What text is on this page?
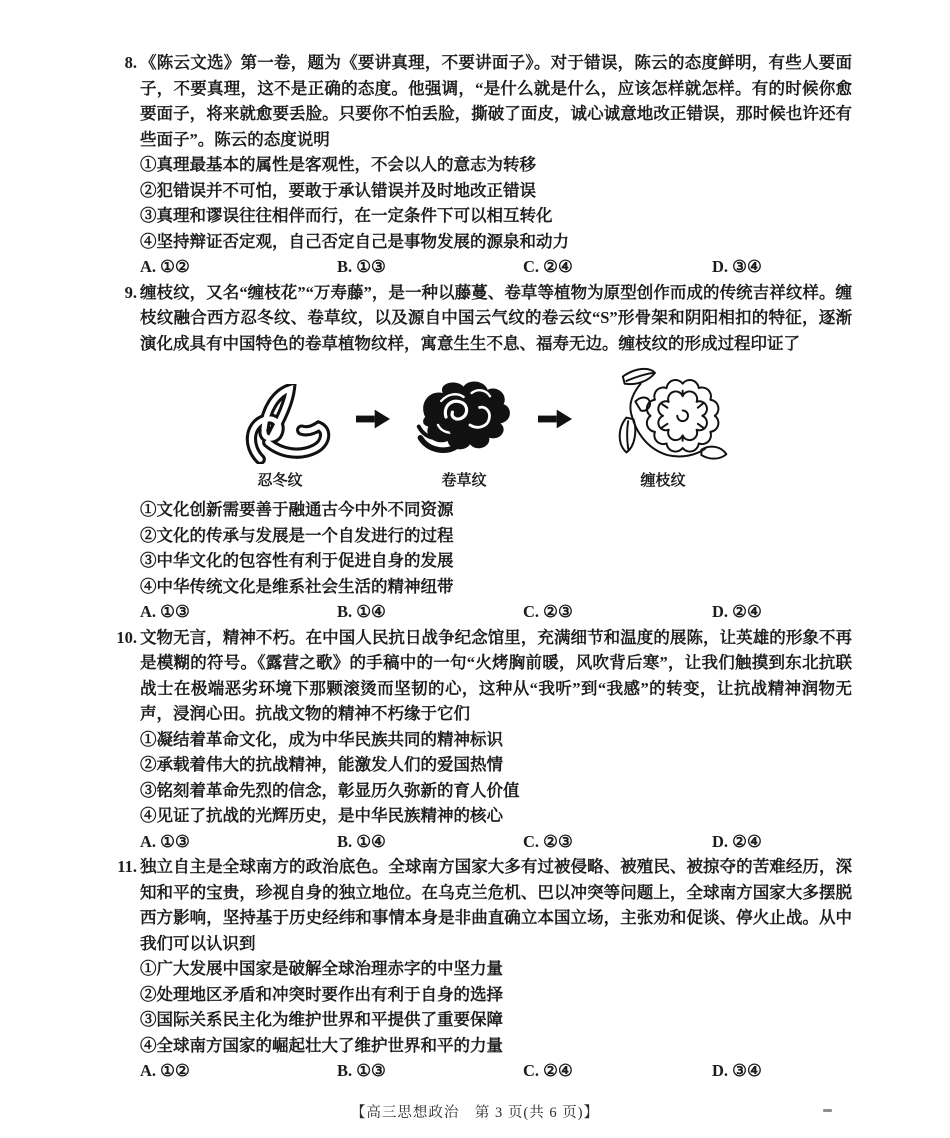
8. 《陈云文选》第一卷，题为《要讲真理，不要讲面子》。对于错误，陈云的态度鲜明，有些人要面子，不要真理，这不是正确的态度。他强调，“是什么就是什么，应该怎样就怎样。有的时候你愈要面子，将来就愈要丢脸。只要你不怕丢脸，撕破了面皮，诚心诚意地改正错误，那时候也许还有些面子”。陈云的态度说明

①真理最基本的属性是客观性，不会以人的意志为转移
②犯错误并不可怕，要敢于承认错误并及时地改正错误
③真理和谬误往往相伴而行，在一定条件下可以相互转化
④坚持辩证否定观，自己否定自己是事物发展的源泉和动力
A. ①②	B. ①③	C. ②④	D. ③④
9. 缠枝纹，又名“缠枝花”“万寿藤”，是一种以藤蔓、卷草等植物为原型创作而成的传统吉祥纹样。缠枝纹融合西方忍冬纹、卷草纹，以及源自中国云气纹的卷云纹“S”形骨架和阴阳相扣的特征，逐渐演化成具有中国特色的卷草植物纹样，寓意生生不息、福寿无边。缠枝纹的形成过程印证了

忍冬纹	卷草纹	缠枝纹
①文化创新需要善于融通古今中外不同资源
②文化的传承与发展是一个自发进行的过程
③中华文化的包容性有利于促进自身的发展
④中华传统文化是维系社会生活的精神纽带
A. ①③	B. ①④	C. ②③	D. ②④
10. 文物无言，精神不朽。在中国人民抗日战争纪念馆里，充满细节和温度的展陈，让英雄的形象不再是模糊的符号。《露营之歌》的手稿中的一句“火烤胸前暖，风吹背后寒”，让我们触摸到东北抗联战士在极端恶劣环境下那颗滚烫而坚韧的心，这种从“我听”到“我感”的转变，让抗战精神润物无声，浸润心田。抗战文物的精神不朽缘于它们

①凝结着革命文化，成为中华民族共同的精神标识
②承载着伟大的抗战精神，能激发人们的爱国热情
③铭刻着革命先烈的信念，彰显历久弥新的育人价值
④见证了抗战的光辉历史，是中华民族精神的核心
A. ①③	B. ①④	C. ②③	D. ②④
11. 独立自主是全球南方的政治底色。全球南方国家大多有过被侵略、被殖民、被掠夺的苦难经历，深知和平的宝贵，珍视自身的独立地位。在乌克兰危机、巴以冲突等问题上，全球南方国家大多摆脱西方影响，坚持基于历史经纬和事情本身是非曲直确立本国立场，主张劝和促谈、停火止战。从中我们可以认识到

①广大发展中国家是破解全球治理赤字的中坚力量
②处理地区矛盾和冲突时要作出有利于自身的选择
③国际关系民主化为维护世界和平提供了重要保障
④全球南方国家的崛起壮大了维护世界和平的力量
A. ①②	B. ①③	C. ②④	D. ③④
【高三思想政治　第 3 页(共 6 页)】
